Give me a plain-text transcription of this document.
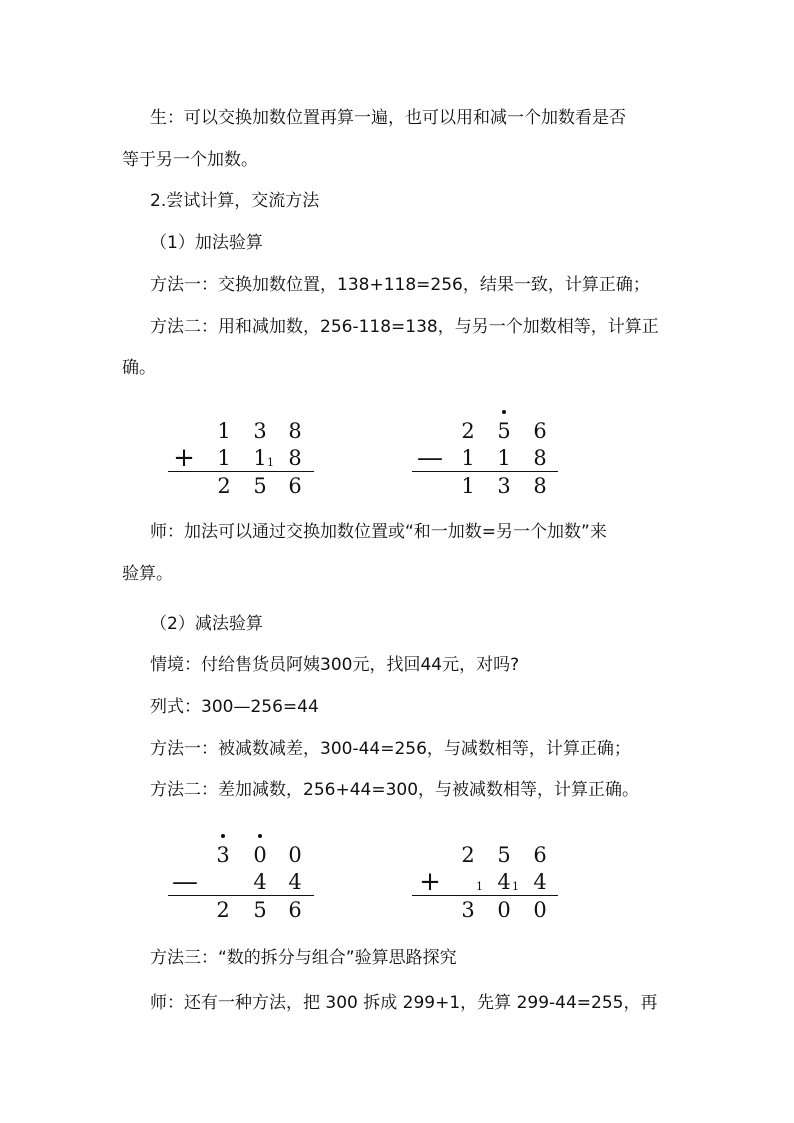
生：可以交换加数位置再算一遍，也可以用和减一个加数看是否
等于另一个加数。
2.尝试计算，交流方法
（1）加法验算
方法一：交换加数位置，138+118=256，结果一致，计算正确；
方法二：用和减加数，256-118=138，与另一个加数相等，计算正
确。
1 3 8
+ 1 1 1 8
2 5 6
2 5 6
— 1 1 8
1 3 8
师：加法可以通过交换加数位置或“和一加数=另一个加数”来
验算。
（2）减法验算
情境：付给售货员阿姨300元，找回44元，对吗?
列式：300—256=44
方法一：被减数减差，300-44=256，与减数相等，计算正确；
方法二：差加减数，256+44=300，与被减数相等，计算正确。
3 0 0
—	4 4
2 5 6
2 5 6
+	1 4 1 4
3 0 0
方法三：“数的拆分与组合”验算思路探究
师：还有一种方法，把 300 拆成 299+1，先算 299-44=255，再
